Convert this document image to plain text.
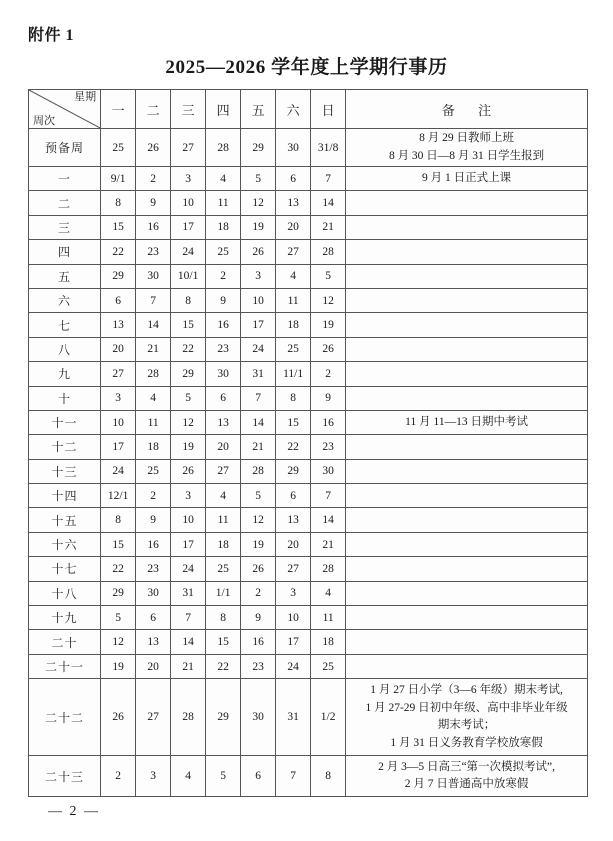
附件 1
2025—2026 学年度上学期行事历
星期
周次	一	二	三	四	五	六	日	备 注
预备周	25	26	27	28	29	30	31/8	8 月 29 日教师上班
8 月 30 日—8 月 31 日学生报到

一	9/1	2	3	4	5	6	7	9 月 1 日正式上课

二	8	9	10	11	12	13	14	
三	15	16	17	18	19	20	21	
四	22	23	24	25	26	27	28	
五	29	30	10/1	2	3	4	5	
六	6	7	8	9	10	11	12	
七	13	14	15	16	17	18	19	
八	20	21	22	23	24	25	26	
九	27	28	29	30	31	11/1	2	
十	3	4	5	6	7	8	9	
十一	10	11	12	13	14	15	16	11 月 11—13 日期中考试

十二	17	18	19	20	21	22	23	
十三	24	25	26	27	28	29	30	
十四	12/1	2	3	4	5	6	7	
十五	8	9	10	11	12	13	14	
十六	15	16	17	18	19	20	21	
十七	22	23	24	25	26	27	28	
十八	29	30	31	1/1	2	3	4	
十九	5	6	7	8	9	10	11	
二十	12	13	14	15	16	17	18	
二十一	19	20	21	22	23	24	25	
二十二	26	27	28	29	30	31	1/2	1 月 27 日小学（3—6 年级）期末考试,
1 月 27-29 日初中年级、高中非毕业年级
期末考试；
1 月 31 日义务教育学校放寒假

二十三	2	3	4	5	6	7	8	2 月 3—5 日高三“第一次模拟考试”,
2 月 7 日普通高中放寒假
— 2 —
